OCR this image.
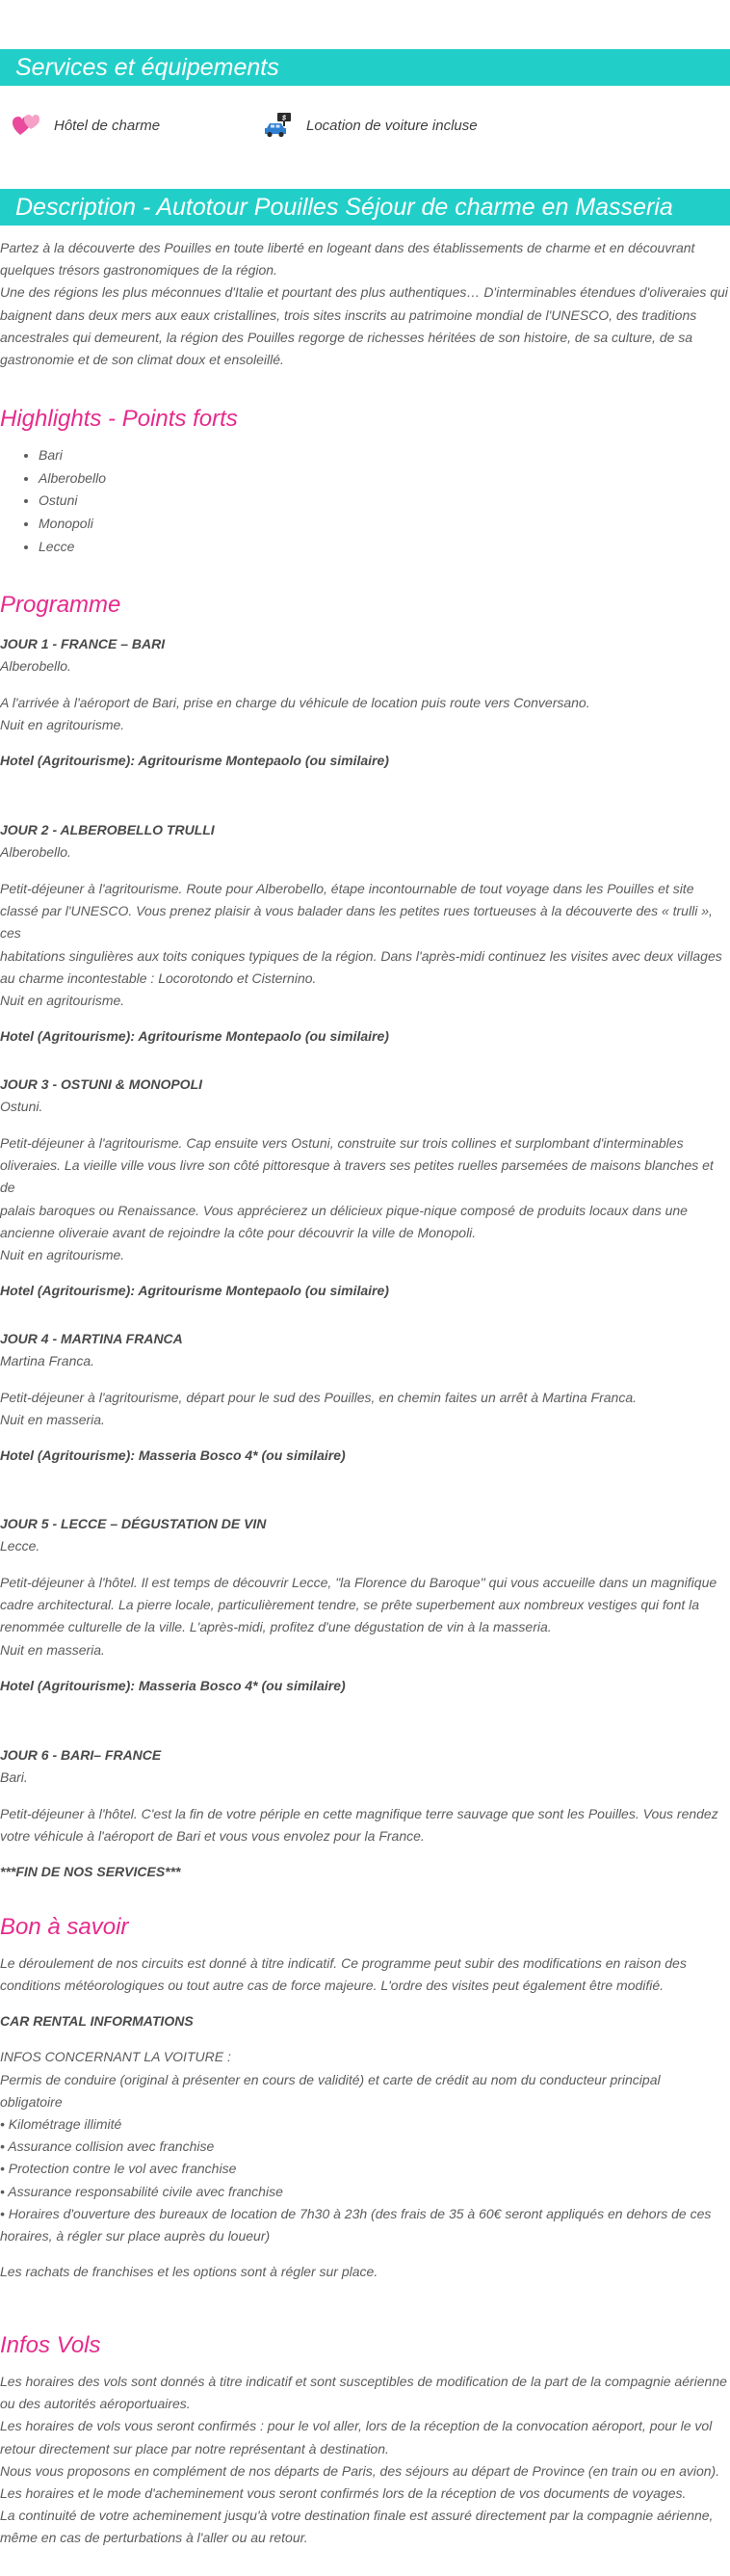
Services et équipements
Hôtel de charme	$ Location de voiture incluse
Description - Autotour Pouilles Séjour de charme en Masseria

Partez à la découverte des Pouilles en toute liberté en logeant dans des établissements de charme et en découvrant

quelques trésors gastronomiques de la région.

Une des régions les plus méconnues d'Italie et pourtant des plus authentiques… D'interminables étendues d'oliveraies qui

baignent dans deux mers aux eaux cristallines, trois sites inscrits au patrimoine mondial de l'UNESCO, des traditions

ancestrales qui demeurent, la région des Pouilles regorge de richesses héritées de son histoire, de sa culture, de sa

gastronomie et de son climat doux et ensoleillé.

Highlights - Points forts
• Bari
• Alberobello
• Ostuni
• Monopoli
• Lecce
Programme
JOUR 1 - FRANCE – BARI
Alberobello.

A l'arrivée à l'aéroport de Bari, prise en charge du véhicule de location puis route vers Conversano.

Nuit en agritourisme.

Hotel (Agritourisme): Agritourisme Montepaolo (ou similaire)
JOUR 2 - ALBEROBELLO TRULLI
Alberobello.

Petit-déjeuner à l'agritourisme. Route pour Alberobello, étape incontournable de tout voyage dans les Pouilles et site

classé par l'UNESCO. Vous prenez plaisir à vous balader dans les petites rues tortueuses à la découverte des « trulli », ces

habitations singulières aux toits coniques typiques de la région. Dans l'après-midi continuez les visites avec deux villages

au charme incontestable : Locorotondo et Cisternino.

Nuit en agritourisme.

Hotel (Agritourisme): Agritourisme Montepaolo (ou similaire)
JOUR 3 - OSTUNI & MONOPOLI
Ostuni.

Petit-déjeuner à l'agritourisme. Cap ensuite vers Ostuni, construite sur trois collines et surplombant d'interminables

oliveraies. La vieille ville vous livre son côté pittoresque à travers ses petites ruelles parsemées de maisons blanches et de

palais baroques ou Renaissance. Vous apprécierez un délicieux pique-nique composé de produits locaux dans une

ancienne oliveraie avant de rejoindre la côte pour découvrir la ville de Monopoli.

Nuit en agritourisme.

Hotel (Agritourisme): Agritourisme Montepaolo (ou similaire)
JOUR 4 - MARTINA FRANCA
Martina Franca.

Petit-déjeuner à l'agritourisme, départ pour le sud des Pouilles, en chemin faites un arrêt à Martina Franca.

Nuit en masseria.

Hotel (Agritourisme): Masseria Bosco 4* (ou similaire)
JOUR 5 - LECCE – DÉGUSTATION DE VIN
Lecce.

Petit-déjeuner à l'hôtel. Il est temps de découvrir Lecce, "la Florence du Baroque" qui vous accueille dans un magnifique

cadre architectural. La pierre locale, particulièrement tendre, se prête superbement aux nombreux vestiges qui font la

renommée culturelle de la ville. L'après-midi, profitez d'une dégustation de vin à la masseria.

Nuit en masseria.

Hotel (Agritourisme): Masseria Bosco 4* (ou similaire)
JOUR 6 - BARI– FRANCE
Bari.

Petit-déjeuner à l'hôtel. C'est la fin de votre périple en cette magnifique terre sauvage que sont les Pouilles. Vous rendez

votre véhicule à l'aéroport de Bari et vous vous envolez pour la France.

***FIN DE NOS SERVICES***
Bon à savoir

Le déroulement de nos circuits est donné à titre indicatif. Ce programme peut subir des modifications en raison des

conditions météorologiques ou tout autre cas de force majeure. L'ordre des visites peut également être modifié.

CAR RENTAL INFORMATIONS

INFOS CONCERNANT LA VOITURE :

Permis de conduire (original à présenter en cours de validité) et carte de crédit au nom du conducteur principal

obligatoire

• Kilométrage illimité

• Assurance collision avec franchise

• Protection contre le vol avec franchise

• Assurance responsabilité civile avec franchise

• Horaires d'ouverture des bureaux de location de 7h30 à 23h (des frais de 35 à 60€ seront appliqués en dehors de ces

horaires, à régler sur place auprès du loueur)

Les rachats de franchises et les options sont à régler sur place.

Infos Vols

Les horaires des vols sont donnés à titre indicatif et sont susceptibles de modification de la part de la compagnie aérienne

ou des autorités aéroportuaires.

Les horaires de vols vous seront confirmés : pour le vol aller, lors de la réception de la convocation aéroport, pour le vol

retour directement sur place par notre représentant à destination.

Nous vous proposons en complément de nos départs de Paris, des séjours au départ de Province (en train ou en avion).

Les horaires et le mode d'acheminement vous seront confirmés lors de la réception de vos documents de voyages.

La continuité de votre acheminement jusqu'à votre destination finale est assuré directement par la compagnie aérienne,

même en cas de perturbations à l'aller ou au retour.
